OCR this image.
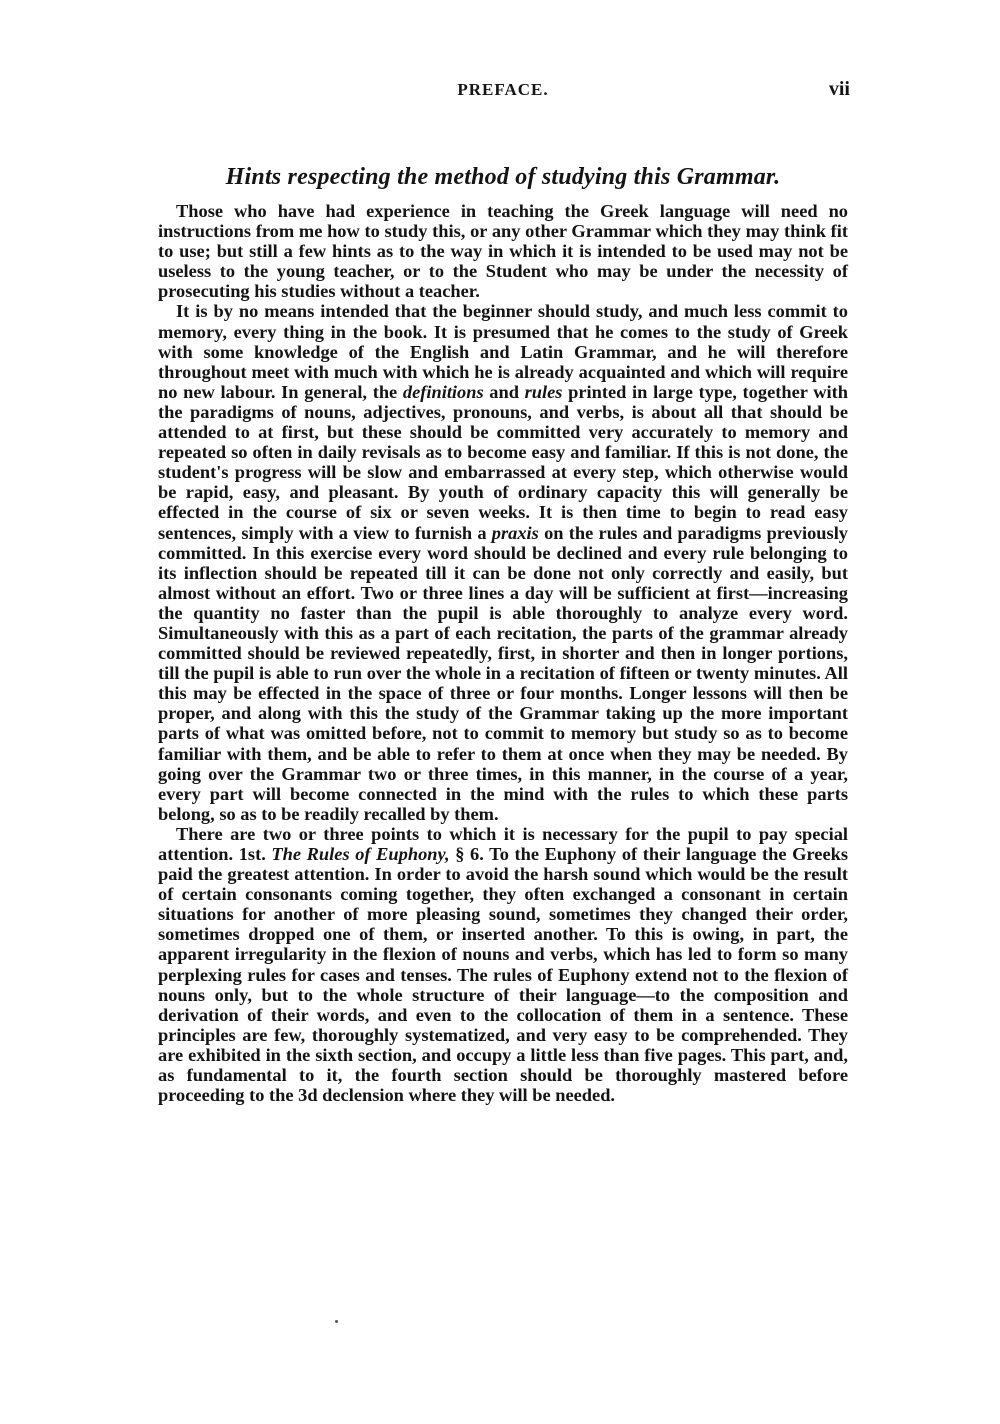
PREFACE.	vii
Hints respecting the method of studying this Grammar.

Those who have had experience in teaching the Greek language will need no instructions from me how to study this, or any other Grammar which they may think fit to use; but still a few hints as to the way in which it is intended to be used may not be useless to the young teacher, or to the Student who may be under the necessity of prosecuting his studies without a teacher.

It is by no means intended that the beginner should study, and much less commit to memory, every thing in the book. It is presumed that he comes to the study of Greek with some knowledge of the English and Latin Grammar, and he will therefore throughout meet with much with which he is already acquainted and which will require no new labour. In general, the definitions and rules printed in large type, together with the paradigms of nouns, adjectives, pronouns, and verbs, is about all that should be attended to at first, but these should be committed very accurately to memory and repeated so often in daily revisals as to become easy and familiar. If this is not done, the student's progress will be slow and embarrassed at every step, which otherwise would be rapid, easy, and pleasant. By youth of ordinary capacity this will generally be effected in the course of six or seven weeks. It is then time to begin to read easy sentences, simply with a view to furnish a praxis on the rules and paradigms previously committed. In this exercise every word should be declined and every rule belonging to its inflection should be repeated till it can be done not only correctly and easily, but almost without an effort. Two or three lines a day will be sufficient at first—increasing the quantity no faster than the pupil is able thoroughly to analyze every word. Simultaneously with this as a part of each recitation, the parts of the grammar already committed should be reviewed repeatedly, first, in shorter and then in longer portions, till the pupil is able to run over the whole in a recitation of fifteen or twenty minutes. All this may be effected in the space of three or four months. Longer lessons will then be proper, and along with this the study of the Grammar taking up the more important parts of what was omitted before, not to commit to memory but study so as to become familiar with them, and be able to refer to them at once when they may be needed. By going over the Grammar two or three times, in this manner, in the course of a year, every part will become connected in the mind with the rules to which these parts belong, so as to be readily recalled by them.

There are two or three points to which it is necessary for the pupil to pay special attention. 1st. The Rules of Euphony, § 6. To the Euphony of their language the Greeks paid the greatest attention. In order to avoid the harsh sound which would be the result of certain consonants coming together, they often exchanged a consonant in certain situations for another of more pleasing sound, sometimes they changed their order, sometimes dropped one of them, or inserted another. To this is owing, in part, the apparent irregularity in the flexion of nouns and verbs, which has led to form so many perplexing rules for cases and tenses. The rules of Euphony extend not to the flexion of nouns only, but to the whole structure of their language—to the composition and derivation of their words, and even to the collocation of them in a sentence. These principles are few, thoroughly systematized, and very easy to be comprehended. They are exhibited in the sixth section, and occupy a little less than five pages. This part, and, as fundamental to it, the fourth section should be thoroughly mastered before proceeding to the 3d declension where they will be needed.
